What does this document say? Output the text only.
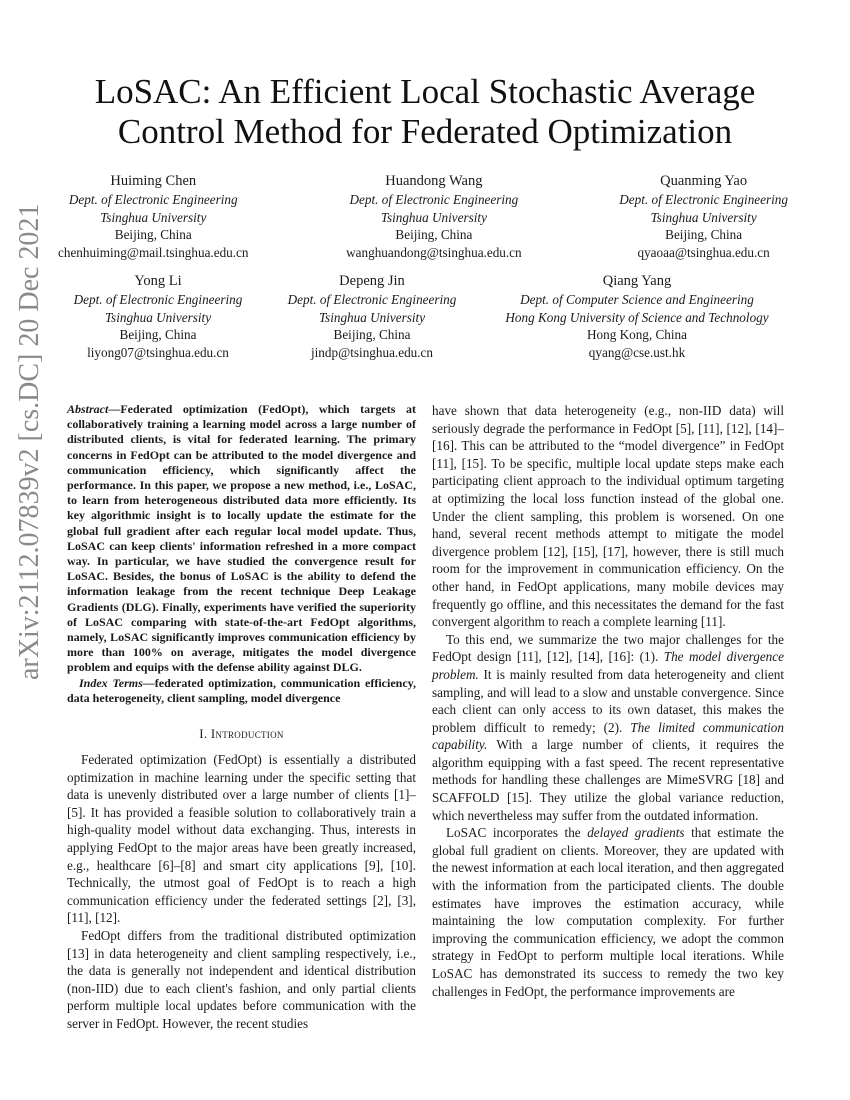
arXiv:2112.07839v2 [cs.DC] 20 Dec 2021
LoSAC: An Efficient Local Stochastic Average
Control Method for Federated Optimization
Huiming Chen
Dept. of Electronic Engineering
Tsinghua University
Beijing, China
chenhuiming@mail.tsinghua.edu.cn
Huandong Wang
Dept. of Electronic Engineering
Tsinghua University
Beijing, China
wanghuandong@tsinghua.edu.cn
Quanming Yao
Dept. of Electronic Engineering
Tsinghua University
Beijing, China
qyaoaa@tsinghua.edu.cn
Yong Li
Dept. of Electronic Engineering
Tsinghua University
Beijing, China
liyong07@tsinghua.edu.cn
Depeng Jin
Dept. of Electronic Engineering
Tsinghua University
Beijing, China
jindp@tsinghua.edu.cn
Qiang Yang
Dept. of Computer Science and Engineering
Hong Kong University of Science and Technology
Hong Kong, China
qyang@cse.ust.hk

Abstract—Federated optimization (FedOpt), which targets at collaboratively training a learning model across a large number of distributed clients, is vital for federated learning. The primary concerns in FedOpt can be attributed to the model divergence and communication efficiency, which significantly affect the performance. In this paper, we propose a new method, i.e., LoSAC, to learn from heterogeneous distributed data more efficiently. Its key algorithmic insight is to locally update the estimate for the global full gradient after each regular local model update. Thus, LoSAC can keep clients' information refreshed in a more compact way. In particular, we have studied the convergence result for LoSAC. Besides, the bonus of LoSAC is the ability to defend the information leakage from the recent technique Deep Leakage Gradients (DLG). Finally, experiments have verified the superiority of LoSAC comparing with state-of-the-art FedOpt algorithms, namely, LoSAC significantly improves communication efficiency by more than 100% on average, mitigates the model divergence problem and equips with the defense ability against DLG.

Index Terms—federated optimization, communication efficiency, data heterogeneity, client sampling, model divergence

I. Introduction

Federated optimization (FedOpt) is essentially a distributed optimization in machine learning under the specific setting that data is unevenly distributed over a large number of clients [1]–[5]. It has provided a feasible solution to collaboratively train a high-quality model without data exchanging. Thus, interests in applying FedOpt to the major areas have been greatly increased, e.g., healthcare [6]–[8] and smart city applications [9], [10]. Technically, the utmost goal of FedOpt is to reach a high communication efficiency under the federated settings [2], [3], [11], [12].

FedOpt differs from the traditional distributed optimization [13] in data heterogeneity and client sampling respectively, i.e., the data is generally not independent and identical distribution (non-IID) due to each client's fashion, and only partial clients perform multiple local updates before communication with the server in FedOpt. However, the recent studies

have shown that data heterogeneity (e.g., non-IID data) will seriously degrade the performance in FedOpt [5], [11], [12], [14]–[16]. This can be attributed to the “model divergence” in FedOpt [11], [15]. To be specific, multiple local update steps make each participating client approach to the individual optimum targeting at optimizing the local loss function instead of the global one. Under the client sampling, this problem is worsened. On one hand, several recent methods attempt to mitigate the model divergence problem [12], [15], [17], however, there is still much room for the improvement in communication efficiency. On the other hand, in FedOpt applications, many mobile devices may frequently go offline, and this necessitates the demand for the fast convergent algorithm to reach a complete learning [11].

To this end, we summarize the two major challenges for the FedOpt design [11], [12], [14], [16]: (1). The model divergence problem. It is mainly resulted from data heterogeneity and client sampling, and will lead to a slow and unstable convergence. Since each client can only access to its own dataset, this makes the problem difficult to remedy; (2). The limited communication capability. With a large number of clients, it requires the algorithm equipping with a fast speed. The recent representative methods for handling these challenges are MimeSVRG [18] and SCAFFOLD [15]. They utilize the global variance reduction, which nevertheless may suffer from the outdated information.

LoSAC incorporates the delayed gradients that estimate the global full gradient on clients. Moreover, they are updated with the newest information at each local iteration, and then aggregated with the information from the participated clients. The double estimates have improves the estimation accuracy, while maintaining the low computation complexity. For further improving the communication efficiency, we adopt the common strategy in FedOpt to perform multiple local iterations. While LoSAC has demonstrated its success to remedy the two key challenges in FedOpt, the performance improvements are
